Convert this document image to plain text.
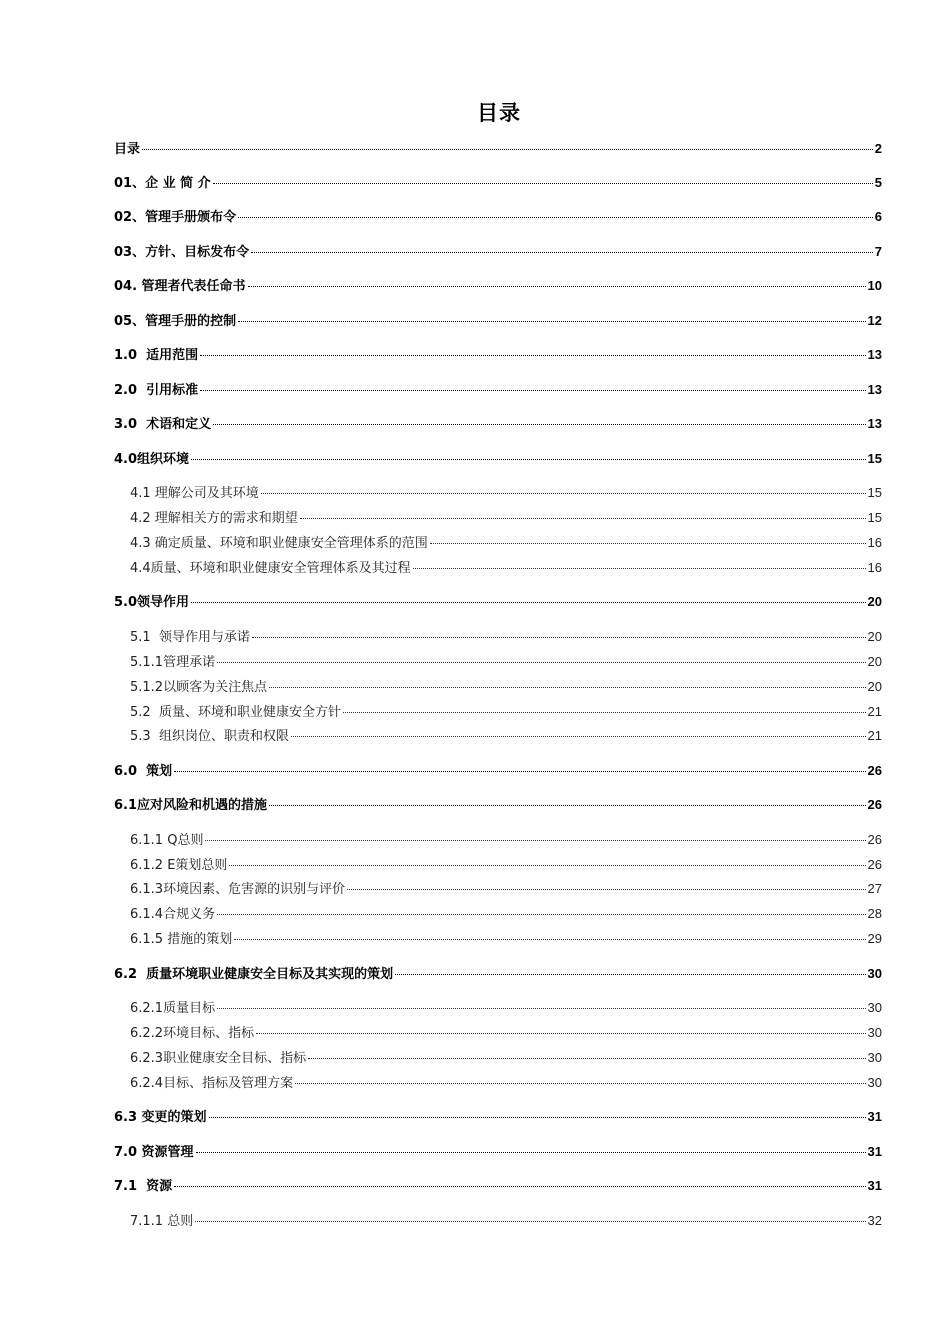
目录
目录	2
01、企 业 简 介	5
02、管理手册颁布令	6
03、方针、目标发布令	7
04. 管理者代表任命书	10
05、管理手册的控制	12
1.0  适用范围	13
2.0  引用标准	13
3.0  术语和定义	13
4.0组织环境	15
4.1 理解公司及其环境	15
4.2 理解相关方的需求和期望	15
4.3 确定质量、环境和职业健康安全管理体系的范围	16
4.4质量、环境和职业健康安全管理体系及其过程	16
5.0领导作用	20
5.1  领导作用与承诺	20
5.1.1管理承诺	20
5.1.2以顾客为关注焦点	20
5.2  质量、环境和职业健康安全方针	21
5.3  组织岗位、职责和权限	21
6.0  策划	26
6.1应对风险和机遇的措施	26
6.1.1 Q总则	26
6.1.2 E策划总则	26
6.1.3环境因素、危害源的识别与评价	27
6.1.4合规义务	28
6.1.5 措施的策划	29
6.2  质量环境职业健康安全目标及其实现的策划	30
6.2.1质量目标	30
6.2.2环境目标、指标	30
6.2.3职业健康安全目标、指标	30
6.2.4目标、指标及管理方案	30
6.3 变更的策划	31
7.0 资源管理	31
7.1  资源	31
7.1.1 总则	32
